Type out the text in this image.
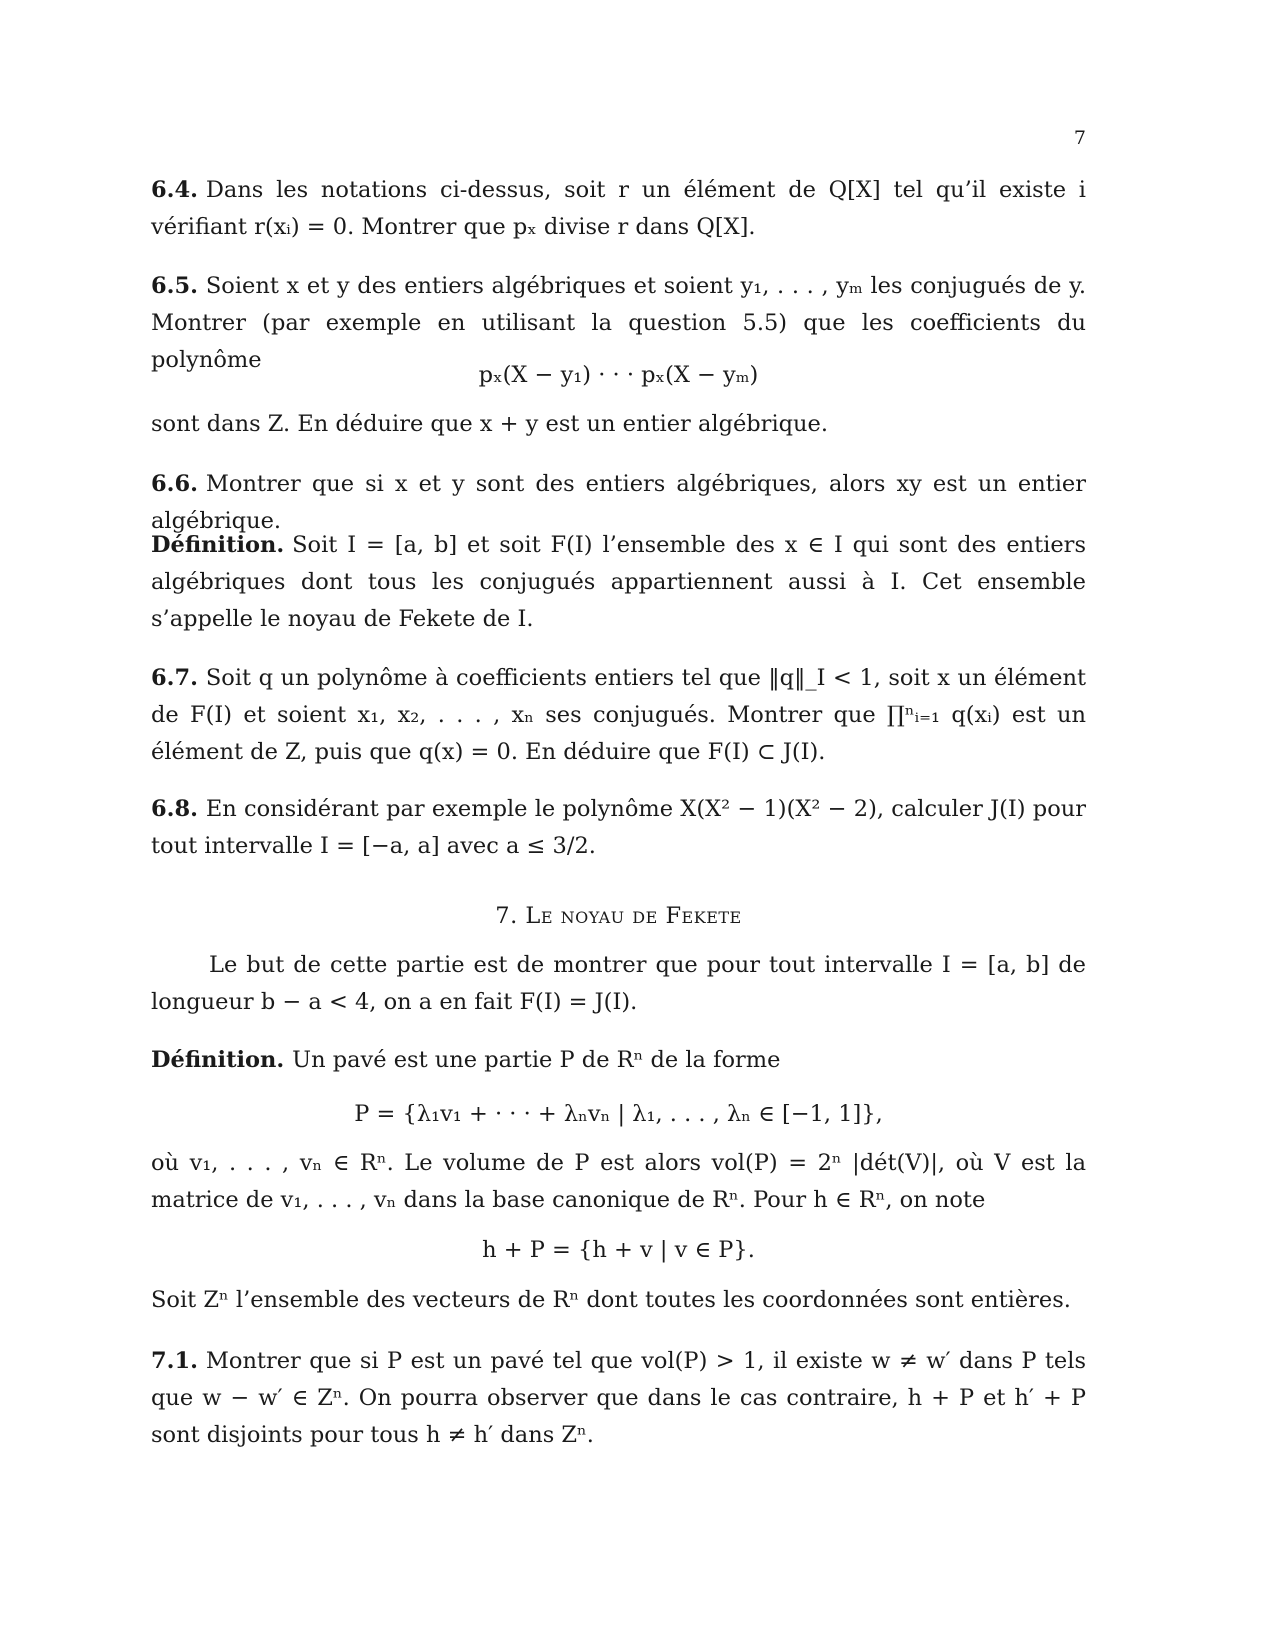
7

6.4. Dans les notations ci-dessus, soit r un élément de Q[X] tel qu’il existe i vérifiant r(xᵢ) = 0. Montrer que pₓ divise r dans Q[X].

6.5. Soient x et y des entiers algébriques et soient y₁, . . . , yₘ les conjugués de y. Montrer (par exemple en utilisant la question 5.5) que les coefficients du polynôme

pₓ(X − y₁) · · · pₓ(X − yₘ)

sont dans Z. En déduire que x + y est un entier algébrique.

6.6. Montrer que si x et y sont des entiers algébriques, alors xy est un entier algébrique.

Définition. Soit I = [a, b] et soit F(I) l’ensemble des x ∈ I qui sont des entiers algébriques dont tous les conjugués appartiennent aussi à I. Cet ensemble s’appelle le noyau de Fekete de I.

6.7. Soit q un polynôme à coefficients entiers tel que ‖q‖_I < 1, soit x un élément de F(I) et soient x₁, x₂, . . . , xₙ ses conjugués. Montrer que ∏ⁿᵢ₌₁ q(xᵢ) est un élément de Z, puis que q(x) = 0. En déduire que F(I) ⊂ J(I).

6.8. En considérant par exemple le polynôme X(X² − 1)(X² − 2), calculer J(I) pour tout intervalle I = [−a, a] avec a ≤ 3/2.

7. Le noyau de Fekete

Le but de cette partie est de montrer que pour tout intervalle I = [a, b] de longueur b − a < 4, on a en fait F(I) = J(I).

Définition. Un pavé est une partie P de Rⁿ de la forme

P = {λ₁v₁ + · · · + λₙvₙ | λ₁, . . . , λₙ ∈ [−1, 1]},

où v₁, . . . , vₙ ∈ Rⁿ. Le volume de P est alors vol(P) = 2ⁿ |dét(V)|, où V est la matrice de v₁, . . . , vₙ dans la base canonique de Rⁿ. Pour h ∈ Rⁿ, on note

h + P = {h + v | v ∈ P}.

Soit Zⁿ l’ensemble des vecteurs de Rⁿ dont toutes les coordonnées sont entières.

7.1. Montrer que si P est un pavé tel que vol(P) > 1, il existe w ≠ w′ dans P tels que w − w′ ∈ Zⁿ. On pourra observer que dans le cas contraire, h + P et h′ + P sont disjoints pour tous h ≠ h′ dans Zⁿ.
